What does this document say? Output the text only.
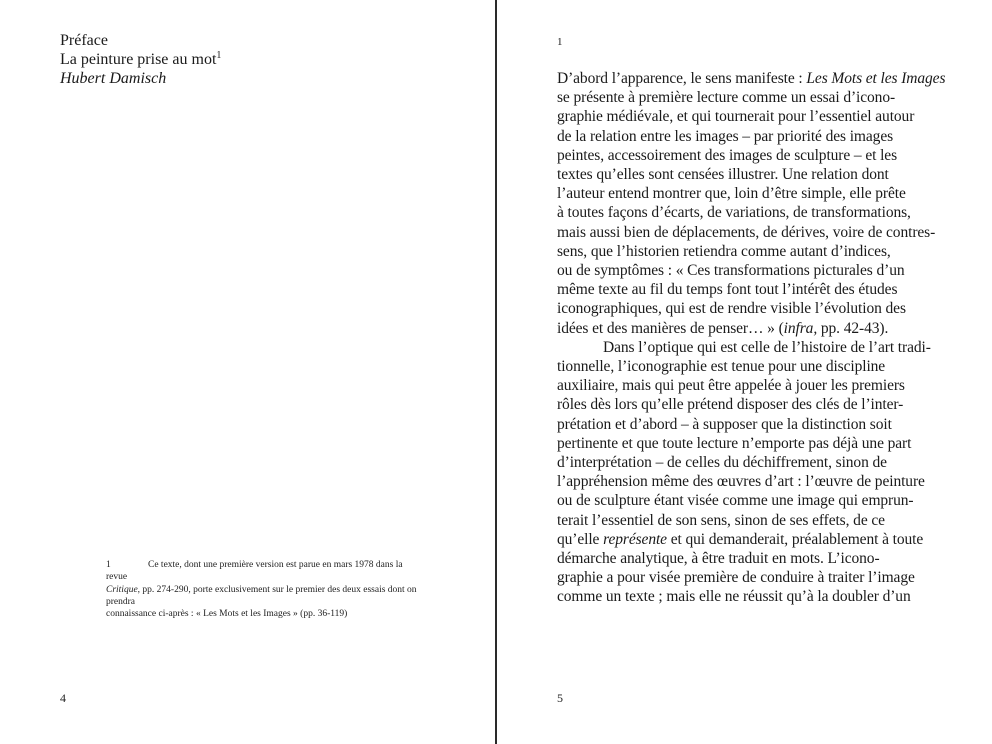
Préface
La peinture prise au mot$^1$
Hubert Damisch
1	Ce texte, dont une première version est parue en mars 1978 dans la revue
Critique, pp. 274-290, porte exclusivement sur le premier des deux essais dont on prendra
connaissance ci-après : « Les Mots et les Images » (pp. 36-119)
4
1
D’abord l’apparence, le sens manifeste : Les Mots et les Images
se présente à première lecture comme un essai d’icono-
graphie médiévale, et qui tournerait pour l’essentiel autour
de la relation entre les images – par priorité des images
peintes, accessoirement des images de sculpture – et les
textes qu’elles sont censées illustrer. Une relation dont
l’auteur entend montrer que, loin d’être simple, elle prête
à toutes façons d’écarts, de variations, de transformations,
mais aussi bien de déplacements, de dérives, voire de contres-
sens, que l’historien retiendra comme autant d’indices,
ou de symptômes : « Ces transformations picturales d’un
même texte au fil du temps font tout l’intérêt des études
iconographiques, qui est de rendre visible l’évolution des
idées et des manières de penser… » (infra, pp. 42-43).
Dans l’optique qui est celle de l’histoire de l’art tradi-
tionnelle, l’iconographie est tenue pour une discipline
auxiliaire, mais qui peut être appelée à jouer les premiers
rôles dès lors qu’elle prétend disposer des clés de l’inter-
prétation et d’abord – à supposer que la distinction soit
pertinente et que toute lecture n’emporte pas déjà une part
d’interprétation – de celles du déchiffrement, sinon de
l’appréhension même des œuvres d’art : l’œuvre de peinture
ou de sculpture étant visée comme une image qui emprun-
terait l’essentiel de son sens, sinon de ses effets, de ce
qu’elle représente et qui demanderait, préalablement à toute
démarche analytique, à être traduit en mots. L’icono-
graphie a pour visée première de conduire à traiter l’image
comme un texte ; mais elle ne réussit qu’à la doubler d’un
5
